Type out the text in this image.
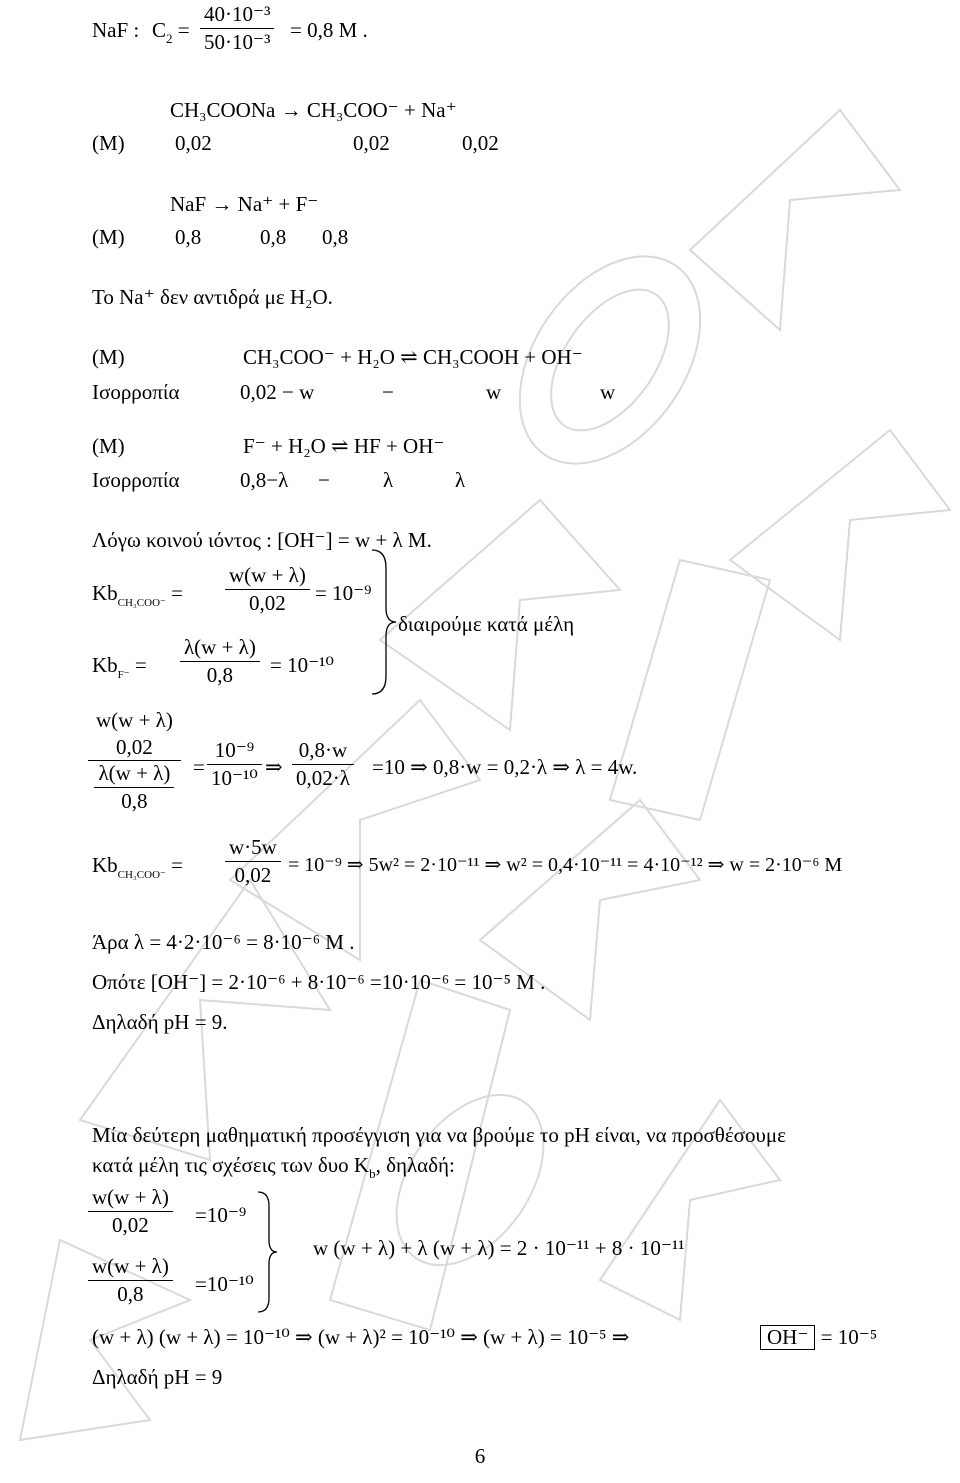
NaF : $C_2 = \frac{\text{40·10⁻³}}{\text{50·10⁻³}} = 0,8$ M .
CH₃COONa → CH₃COO⁻ + Na⁺
(M) 0,02	0,02	0,02
NaF → Na⁺ + F⁻
(M) 0,8	0,8 0,8
Το Na⁺ δεν αντιδρά με H₂O.
(M)	CH₃COO⁻ + H₂O ⇌ CH₃COOH + OH⁻
Ισορροπία	0,02 − w	−	w	w
(M)	F⁻ + H₂O ⇌ HF + OH⁻
Ισορροπία	0,8−λ −	λ	λ
Λόγω κοινού ιόντος : [OH⁻] = w + λ M.
$Kb_{CH_3COO^-} = \frac{w(w + \lambda)}{0,02} = 10^{-9}$
$Kb_{F^-} = \frac{\lambda(w + \lambda)}{0,8} = 10^{-10}$
διαιρούμε κατά μέλη
w(w + λ)
0,02
$\frac{\lambda(w + \lambda)}{0,8} = \frac{\text{10⁻⁹}}{\text{10⁻¹⁰}}$ ⇒ $\frac{0,8\cdot w}{0,02\cdot\lambda} =10$ ⇒ 0,8·w = 0,2·λ ⇒ λ = 4w.
$Kb_{CH_3COO^-} = \frac{w\cdot 5w}{0,02} = 10^{-9}$ ⇒ 5w² = 2·10⁻¹¹ ⇒ w² = 0,4·10⁻¹¹ = 4·10⁻¹² ⇒ w = 2·10⁻⁶ M
Άρα λ = 4·2·10⁻⁶ = 8·10⁻⁶ M .
Οπότε [OH⁻] = 2·10⁻⁶ + 8·10⁻⁶ =10·10⁻⁶ = 10⁻⁵ M .
Δηλαδή pH = 9.
Μία δεύτερη μαθηματική προσέγγιση για να βρούμε το pH είναι, να προσθέσουμε
κατά μέλη τις σχέσεις των δυο $K_b$, δηλαδή:
$\frac{w(w + \lambda)}{0,02} =10^{-9}$
$\frac{w(w + \lambda)}{0,8} =10^{-10}$
w (w + λ) + λ (w + λ) = 2 · 10⁻¹¹ + 8 · 10⁻¹¹
(w + λ) (w + λ) = 10⁻¹⁰ ⇒ (w + λ)² = 10⁻¹⁰ ⇒ (w + λ) = 10⁻⁵ ⇒	OH⁻ = 10⁻⁵
Δηλαδή pH = 9
6
